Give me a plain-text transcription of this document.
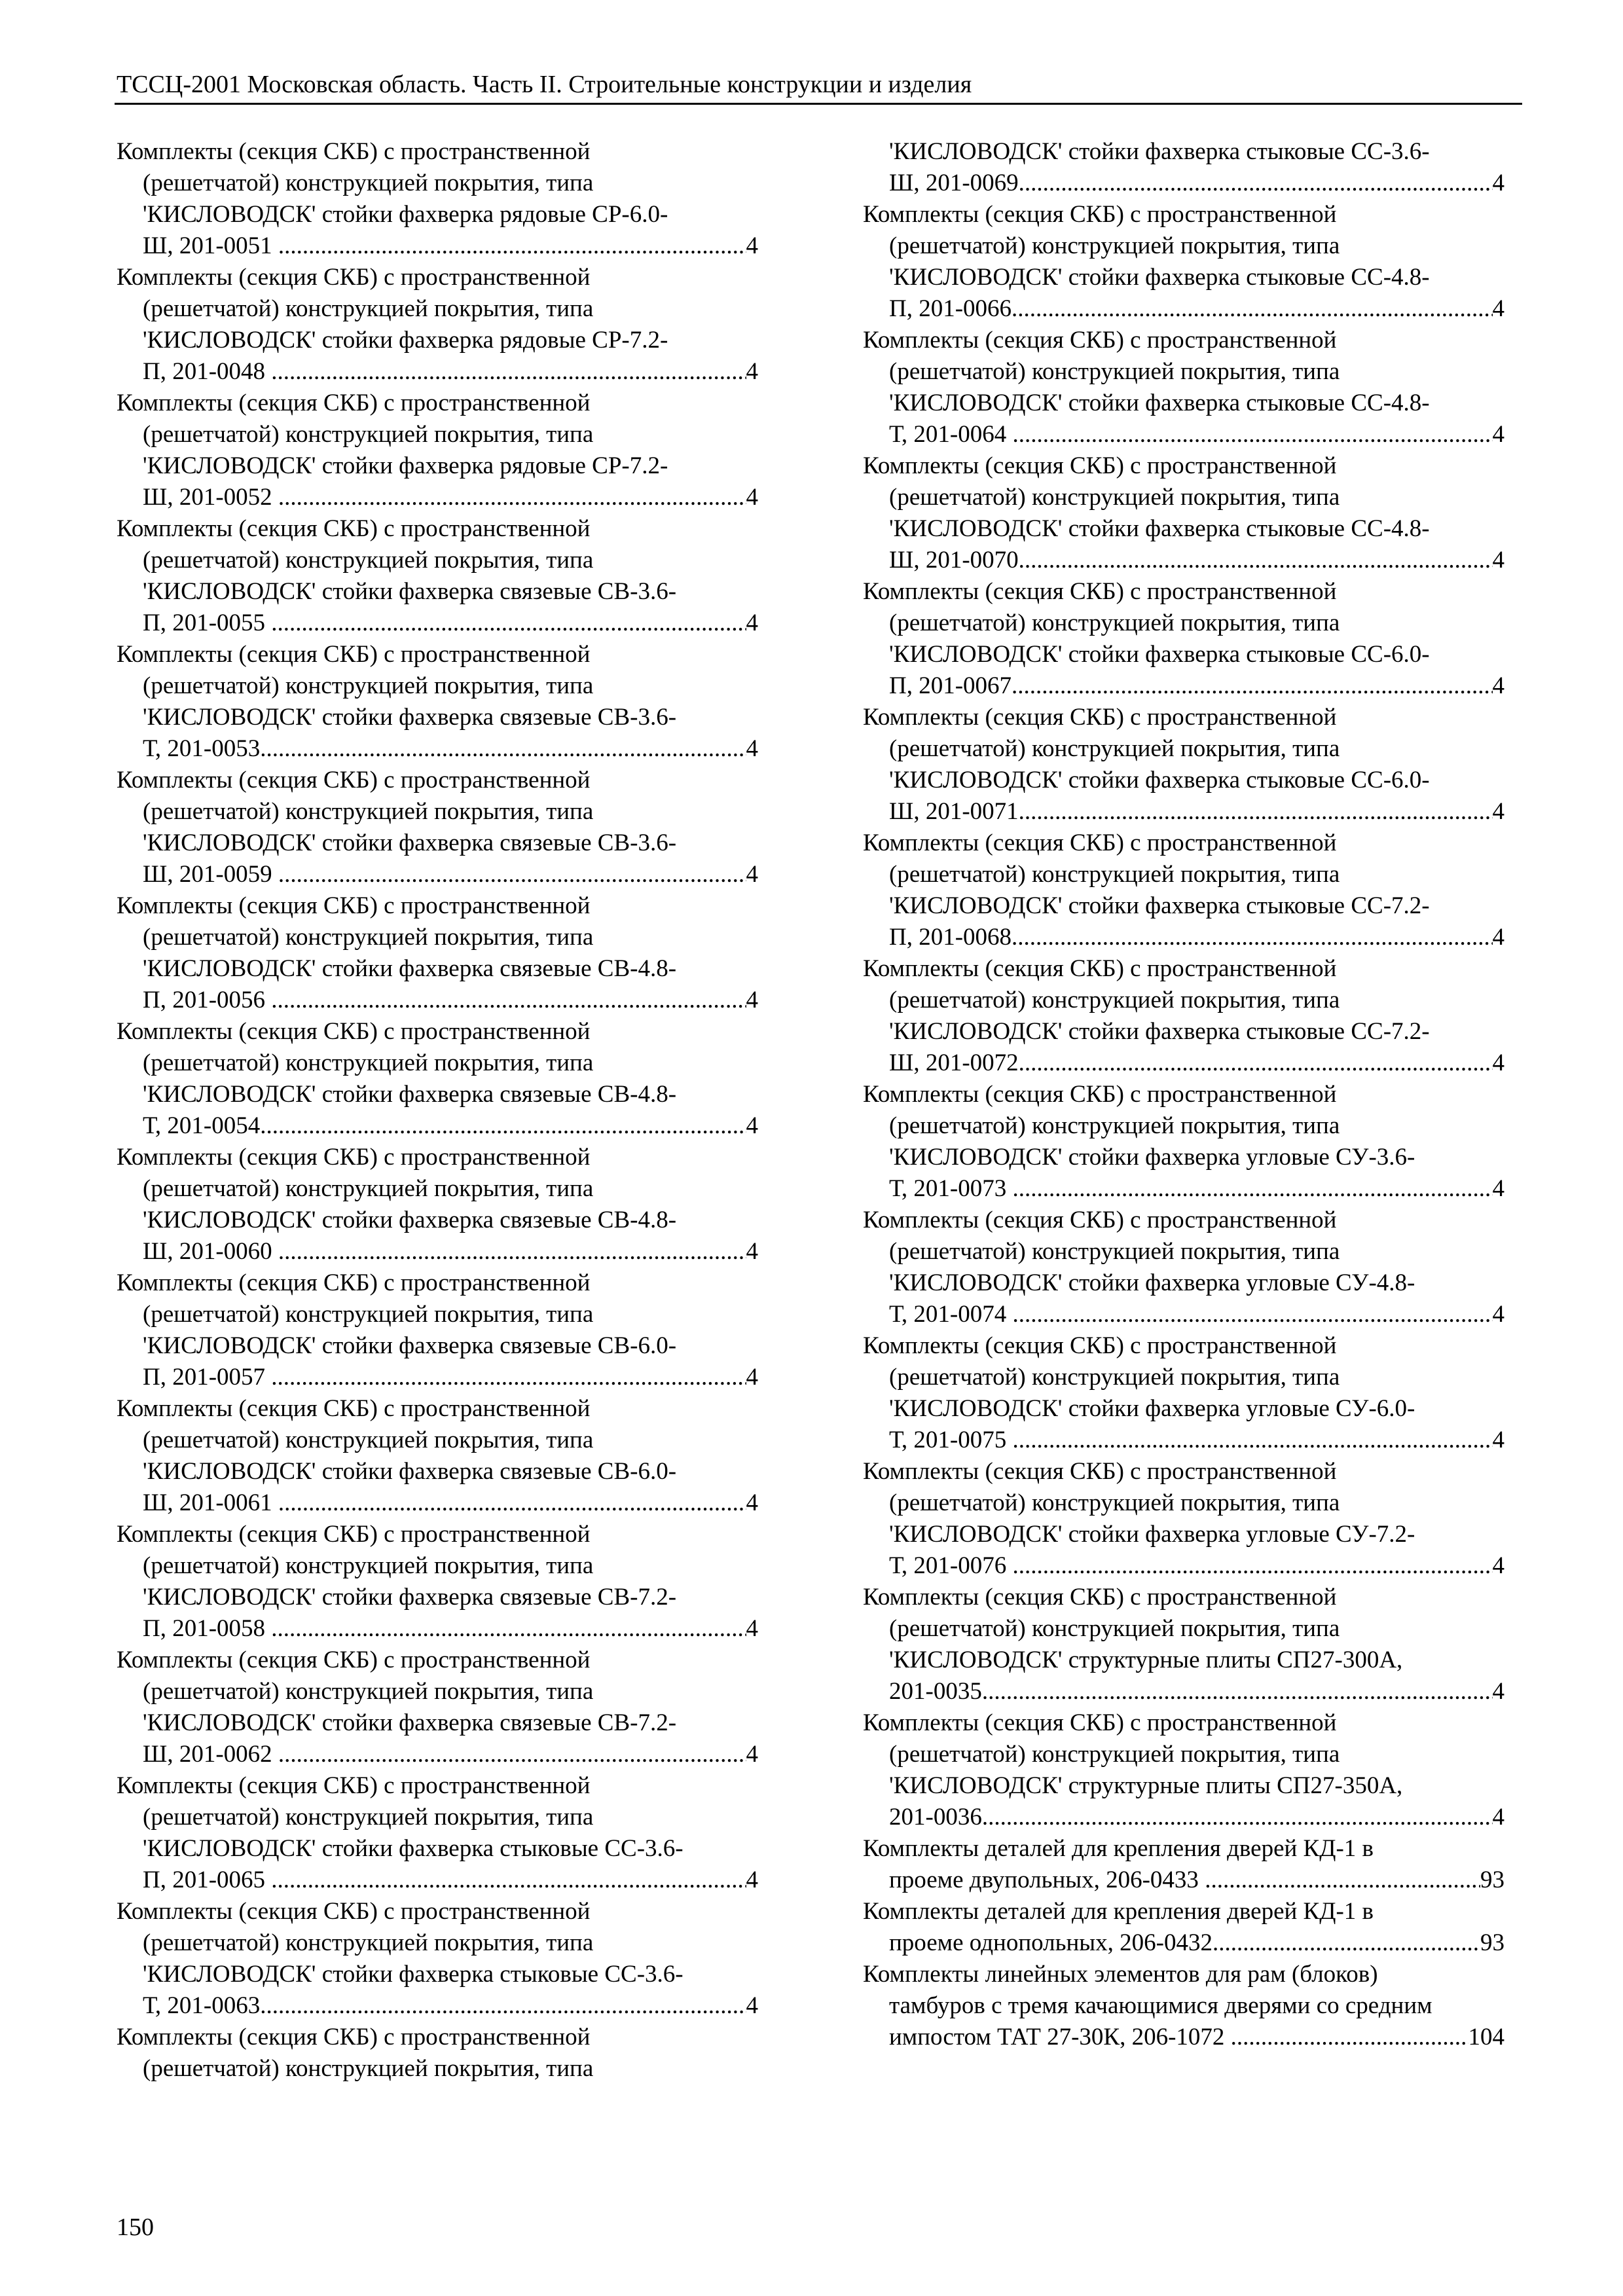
ТССЦ-2001 Московская область. Часть II. Строительные конструкции и изделия
Комплекты (секция СКБ) с пространственной
(решетчатой) конструкцией покрытия, типа
'КИСЛОВОДСК' стойки фахверка рядовые СР-6.0-
Ш, 201-0051 .....	4
Комплекты (секция СКБ) с пространственной
(решетчатой) конструкцией покрытия, типа
'КИСЛОВОДСК' стойки фахверка рядовые СР-7.2-
П, 201-0048 .....	4
Комплекты (секция СКБ) с пространственной
(решетчатой) конструкцией покрытия, типа
'КИСЛОВОДСК' стойки фахверка рядовые СР-7.2-
Ш, 201-0052 .....	4
Комплекты (секция СКБ) с пространственной
(решетчатой) конструкцией покрытия, типа
'КИСЛОВОДСК' стойки фахверка связевые СВ-3.6-
П, 201-0055 .....	4
Комплекты (секция СКБ) с пространственной
(решетчатой) конструкцией покрытия, типа
'КИСЛОВОДСК' стойки фахверка связевые СВ-3.6-
Т, 201-0053 .....	4
Комплекты (секция СКБ) с пространственной
(решетчатой) конструкцией покрытия, типа
'КИСЛОВОДСК' стойки фахверка связевые СВ-3.6-
Ш, 201-0059 .....	4
Комплекты (секция СКБ) с пространственной
(решетчатой) конструкцией покрытия, типа
'КИСЛОВОДСК' стойки фахверка связевые СВ-4.8-
П, 201-0056 .....	4
Комплекты (секция СКБ) с пространственной
(решетчатой) конструкцией покрытия, типа
'КИСЛОВОДСК' стойки фахверка связевые СВ-4.8-
Т, 201-0054 .....	4
Комплекты (секция СКБ) с пространственной
(решетчатой) конструкцией покрытия, типа
'КИСЛОВОДСК' стойки фахверка связевые СВ-4.8-
Ш, 201-0060 .....	4
Комплекты (секция СКБ) с пространственной
(решетчатой) конструкцией покрытия, типа
'КИСЛОВОДСК' стойки фахверка связевые СВ-6.0-
П, 201-0057 .....	4
Комплекты (секция СКБ) с пространственной
(решетчатой) конструкцией покрытия, типа
'КИСЛОВОДСК' стойки фахверка связевые СВ-6.0-
Ш, 201-0061 .....	4
Комплекты (секция СКБ) с пространственной
(решетчатой) конструкцией покрытия, типа
'КИСЛОВОДСК' стойки фахверка связевые СВ-7.2-
П, 201-0058 .....	4
Комплекты (секция СКБ) с пространственной
(решетчатой) конструкцией покрытия, типа
'КИСЛОВОДСК' стойки фахверка связевые СВ-7.2-
Ш, 201-0062 .....	4
Комплекты (секция СКБ) с пространственной
(решетчатой) конструкцией покрытия, типа
'КИСЛОВОДСК' стойки фахверка стыковые СС-3.6-
П, 201-0065 .....	4
Комплекты (секция СКБ) с пространственной
(решетчатой) конструкцией покрытия, типа
'КИСЛОВОДСК' стойки фахверка стыковые СС-3.6-
Т, 201-0063 .....	4
Комплекты (секция СКБ) с пространственной
(решетчатой) конструкцией покрытия, типа
'КИСЛОВОДСК' стойки фахверка стыковые СС-3.6-
Ш, 201-0069 .....	4
Комплекты (секция СКБ) с пространственной
(решетчатой) конструкцией покрытия, типа
'КИСЛОВОДСК' стойки фахверка стыковые СС-4.8-
П, 201-0066 .....	4
Комплекты (секция СКБ) с пространственной
(решетчатой) конструкцией покрытия, типа
'КИСЛОВОДСК' стойки фахверка стыковые СС-4.8-
Т, 201-0064 .....	4
Комплекты (секция СКБ) с пространственной
(решетчатой) конструкцией покрытия, типа
'КИСЛОВОДСК' стойки фахверка стыковые СС-4.8-
Ш, 201-0070 .....	4
Комплекты (секция СКБ) с пространственной
(решетчатой) конструкцией покрытия, типа
'КИСЛОВОДСК' стойки фахверка стыковые СС-6.0-
П, 201-0067 .....	4
Комплекты (секция СКБ) с пространственной
(решетчатой) конструкцией покрытия, типа
'КИСЛОВОДСК' стойки фахверка стыковые СС-6.0-
Ш, 201-0071 .....	4
Комплекты (секция СКБ) с пространственной
(решетчатой) конструкцией покрытия, типа
'КИСЛОВОДСК' стойки фахверка стыковые СС-7.2-
П, 201-0068 .....	4
Комплекты (секция СКБ) с пространственной
(решетчатой) конструкцией покрытия, типа
'КИСЛОВОДСК' стойки фахверка стыковые СС-7.2-
Ш, 201-0072 .....	4
Комплекты (секция СКБ) с пространственной
(решетчатой) конструкцией покрытия, типа
'КИСЛОВОДСК' стойки фахверка угловые СУ-3.6-
Т, 201-0073 .....	4
Комплекты (секция СКБ) с пространственной
(решетчатой) конструкцией покрытия, типа
'КИСЛОВОДСК' стойки фахверка угловые СУ-4.8-
Т, 201-0074 .....	4
Комплекты (секция СКБ) с пространственной
(решетчатой) конструкцией покрытия, типа
'КИСЛОВОДСК' стойки фахверка угловые СУ-6.0-
Т, 201-0075 .....	4
Комплекты (секция СКБ) с пространственной
(решетчатой) конструкцией покрытия, типа
'КИСЛОВОДСК' стойки фахверка угловые СУ-7.2-
Т, 201-0076 .....	4
Комплекты (секция СКБ) с пространственной
(решетчатой) конструкцией покрытия, типа
'КИСЛОВОДСК' структурные плиты СП27-300А,
201-0035 .....	4
Комплекты (секция СКБ) с пространственной
(решетчатой) конструкцией покрытия, типа
'КИСЛОВОДСК' структурные плиты СП27-350А,
201-0036 .....	4
Комплекты деталей для крепления дверей КД-1 в
проеме двупольных, 206-0433 .....	93
Комплекты деталей для крепления дверей КД-1 в
проеме однопольных, 206-0432 .....	93
Комплекты линейных элементов для рам (блоков)
тамбуров с тремя качающимися дверями со средним
импостом ТАТ 27-30К, 206-1072 .....	104
150
